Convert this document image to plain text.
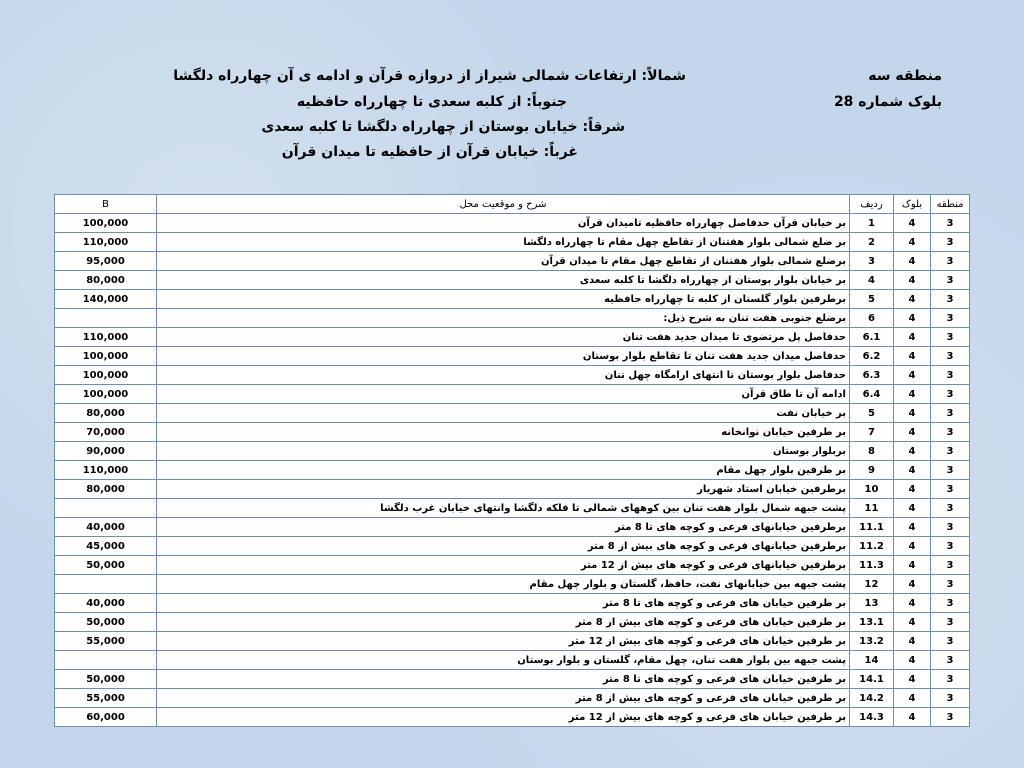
منطقه سه
بلوک شماره 28
شمالاً: ارتفاعات شمالی شیراز از دروازه قرآن و ادامه ی آن چهارراه دلگشا
جنوباً: از کلبه سعدی تا چهارراه حافظیه
شرقاً: خیابان بوستان از چهارراه دلگشا تا کلبه سعدی
غرباً: خیابان قرآن از حافظیه تا میدان قرآن
منطقه	بلوک	ردیف	شرح و موقعیت محل	B
3	4	1	بر خیابان قرآن حدفاصل چهارراه حافظیه تامیدان قرآن	100,000
3	4	2	بر ضلع شمالی بلوار هفتنان از تقاطع چهل مقام تا چهارراه دلگشا	110,000
3	4	3	برضلع شمالی بلوار هفتنان از تقاطع چهل مقام تا میدان قرآن	95,000
3	4	4	بر خیابان بلوار بوستان از چهارراه دلگشا تا کلبه سعدی	80,000
3	4	5	برطرفین بلوار گلستان از کلبه تا چهارراه حافظیه	140,000
3	4	6	برضلع جنوبی هفت تنان به شرح ذیل:	
3	4	6.1	حدفاصل پل مرتضوی تا میدان جدید هفت تنان	110,000
3	4	6.2	حدفاصل میدان جدید هفت تنان تا تقاطع بلوار بوستان	100,000
3	4	6.3	حدفاصل بلوار بوستان تا انتهای ارامگاه چهل تنان	100,000
3	4	6.4	ادامه آن تا طاق قرآن	100,000
3	4	5	بر خیابان نفت	80,000
3	4	7	بر طرفین خیابان نوانخانه	70,000
3	4	8	بربلوار بوستان	90,000
3	4	9	بر طرفین بلوار چهل مقام	110,000
3	4	10	برطرفین خیابان استاد شهریار	80,000
3	4	11	پشت جبهه شمال بلوار هفت تنان بین کوههای شمالی تا فلکه دلگشا وانتهای خیابان غرب دلگشا	
3	4	11.1	برطرفین خیابانهای فرعی و کوچه های تا 8 متر	40,000
3	4	11.2	برطرفین خیابانهای فرعی و کوچه های بیش از 8 متر	45,000
3	4	11.3	برطرفین خیابانهای فرعی و کوچه های بیش از 12 متر	50,000
3	4	12	پشت جبهه بین خیابانهای نفت، حافظ، گلستان و بلوار چهل مقام	
3	4	13	بر طرفین خیابان های فرعی و کوچه های تا 8 متر	40,000
3	4	13.1	بر طرفین خیابان های فرعی و کوچه های بیش از 8 متر	50,000
3	4	13.2	بر طرفین خیابان های فرعی و کوچه های بیش از 12 متر	55,000
3	4	14	پشت جبهه بین بلوار هفت تنان، چهل مقام، گلستان و بلوار بوستان	
3	4	14.1	بر طرفین خیابان های فرعی و کوچه های تا 8 متر	50,000
3	4	14.2	بر طرفین خیابان های فرعی و کوچه های بیش از 8 متر	55,000
3	4	14.3	بر طرفین خیابان های فرعی و کوچه های بیش از 12 متر	60,000
